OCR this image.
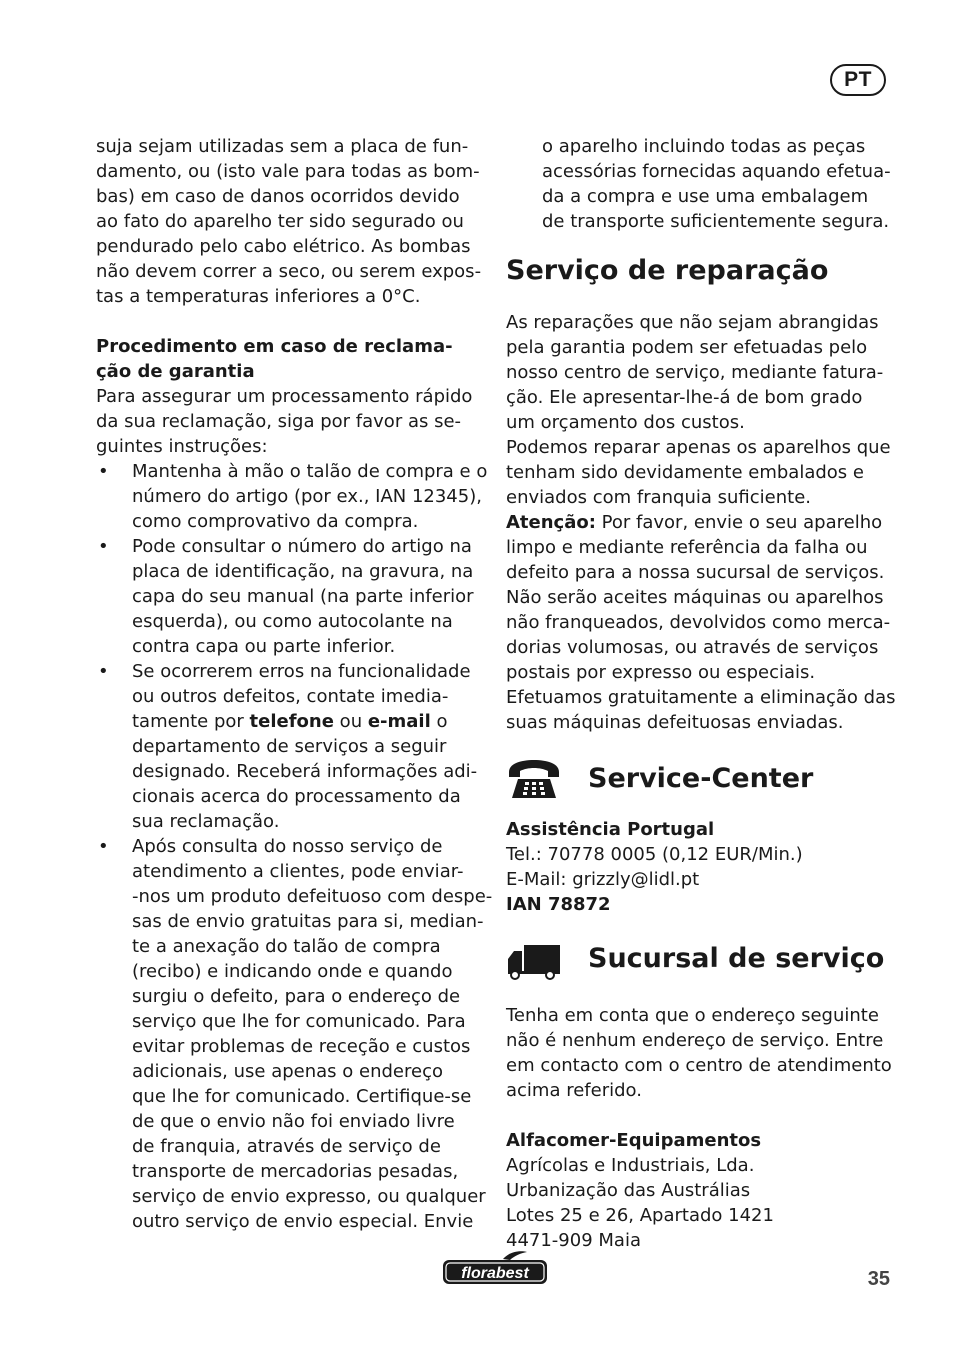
PT

suja sejam utilizadas sem a placa de fun-
damento, ou (isto vale para todas as bom-
bas) em caso de danos ocorridos devido
ao fato do aparelho ter sido segurado ou
pendurado pelo cabo elétrico. As bombas
não devem correr a seco, ou serem expos-
tas a temperaturas inferiores a 0°C.

Procedimento em caso de reclama-
ção de garantia

Para assegurar um processamento rápido
da sua reclamação, siga por favor as se-
guintes instruções:

• Mantenha à mão o talão de compra e o
número do artigo (por ex., IAN 12345),
como comprovativo da compra.
• Pode consultar o número do artigo na
placa de identificação, na gravura, na
capa do seu manual (na parte inferior
esquerda), ou como autocolante na
contra capa ou parte inferior.
• Se ocorrerem erros na funcionalidade
ou outros defeitos, contate imedia-
tamente por telefone ou e-mail o
departamento de serviços a seguir
designado. Receberá informações adi-
cionais acerca do processamento da
sua reclamação.
• Após consulta do nosso serviço de
atendimento a clientes, pode enviar-
-nos um produto defeituoso com despe-
sas de envio gratuitas para si, median-
te a anexação do talão de compra
(recibo) e indicando onde e quando
surgiu o defeito, para o endereço de
serviço que lhe for comunicado. Para
evitar problemas de receção e custos
adicionais, use apenas o endereço
que lhe for comunicado. Certifique-se
de que o envio não foi enviado livre
de franquia, através de serviço de
transporte de mercadorias pesadas,
serviço de envio expresso, ou qualquer
outro serviço de envio especial. Envie

o aparelho incluindo todas as peças
acessórias fornecidas aquando efetua-
da a compra e use uma embalagem
de transporte suficientemente segura.

Serviço de reparação

As reparações que não sejam abrangidas
pela garantia podem ser efetuadas pelo
nosso centro de serviço, mediante fatura-
ção. Ele apresentar-lhe-á de bom grado
um orçamento dos custos.
Podemos reparar apenas os aparelhos que
tenham sido devidamente embalados e
enviados com franquia suficiente.
Atenção: Por favor, envie o seu aparelho
limpo e mediante referência da falha ou
defeito para a nossa sucursal de serviços.
Não serão aceites máquinas ou aparelhos
não franqueados, devolvidos como merca-
dorias volumosas, ou através de serviços
postais por expresso ou especiais.
Efetuamos gratuitamente a eliminação das
suas máquinas defeituosas enviadas.

Service-Center

Assistência Portugal
Tel.: 70778 0005 (0,12 EUR/Min.)
E-Mail: grizzly@lidl.pt
IAN 78872

Sucursal de serviço

Tenha em conta que o endereço seguinte
não é nenhum endereço de serviço. Entre
em contacto com o centro de atendimento
acima referido.

Alfacomer-Equipamentos
Agrícolas e Industriais, Lda.
Urbanização das Austrálias
Lotes 25 e 26, Apartado 1421
4471-909 Maia

florabest	35
